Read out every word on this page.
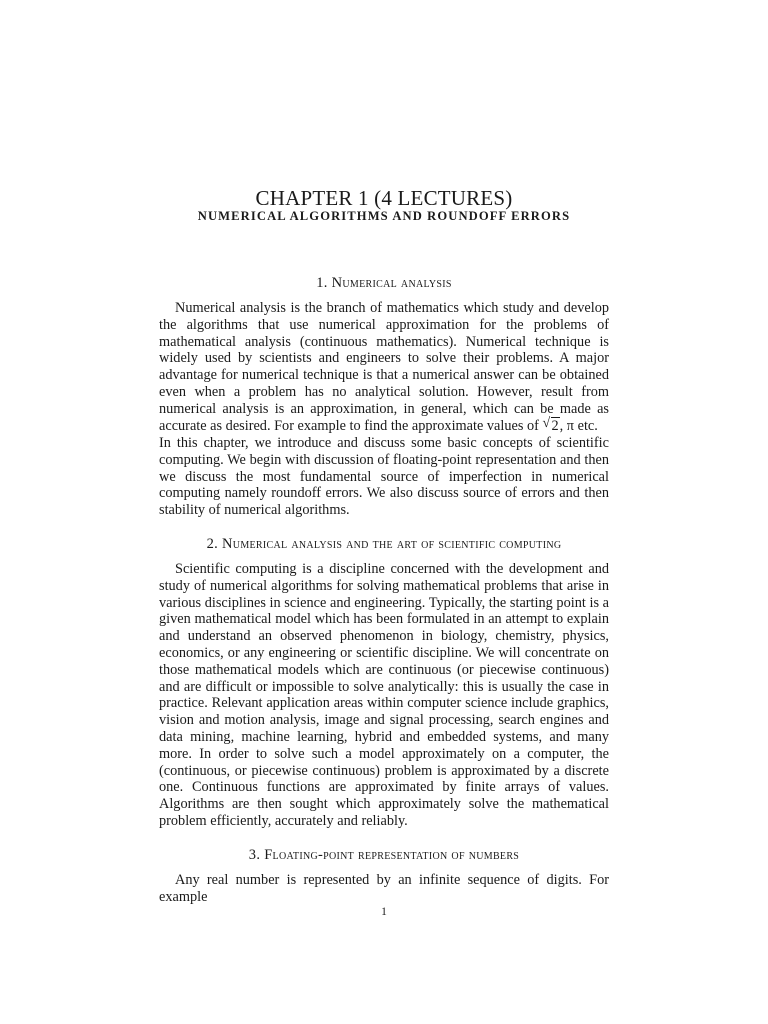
CHAPTER 1 (4 LECTURES)
NUMERICAL ALGORITHMS AND ROUNDOFF ERRORS
1. Numerical analysis

Numerical analysis is the branch of mathematics which study and develop the algorithms that use numerical approximation for the problems of mathematical analysis (continuous mathematics). Numerical technique is widely used by scientists and engineers to solve their problems. A major advantage for numerical technique is that a numerical answer can be obtained even when a problem has no analytical solution. However, result from numerical analysis is an approximation, in general, which can be made as accurate as desired. For example to find the approximate values of √ 2, π etc.

In this chapter, we introduce and discuss some basic concepts of scientific computing. We begin with discussion of floating-point representation and then we discuss the most fundamental source of imperfection in numerical computing namely roundoff errors. We also discuss source of errors and then stability of numerical algorithms.

2. Numerical analysis and the art of scientific computing

Scientific computing is a discipline concerned with the development and study of numerical algorithms for solving mathematical problems that arise in various disciplines in science and engineering. Typically, the starting point is a given mathematical model which has been formulated in an attempt to explain and understand an observed phenomenon in biology, chemistry, physics, economics, or any engineering or scientific discipline. We will concentrate on those mathematical models which are continuous (or piecewise continuous) and are difficult or impossible to solve analytically: this is usually the case in practice. Relevant application areas within computer science include graphics, vision and motion analysis, image and signal processing, search engines and data mining, machine learning, hybrid and embedded systems, and many more. In order to solve such a model approximately on a computer, the (continuous, or piecewise continuous) problem is approximated by a discrete one. Continuous functions are approximated by finite arrays of values. Algorithms are then sought which approximately solve the mathematical problem efficiently, accurately and reliably.

3. Floating-point representation of numbers

Any real number is represented by an infinite sequence of digits. For example

1
